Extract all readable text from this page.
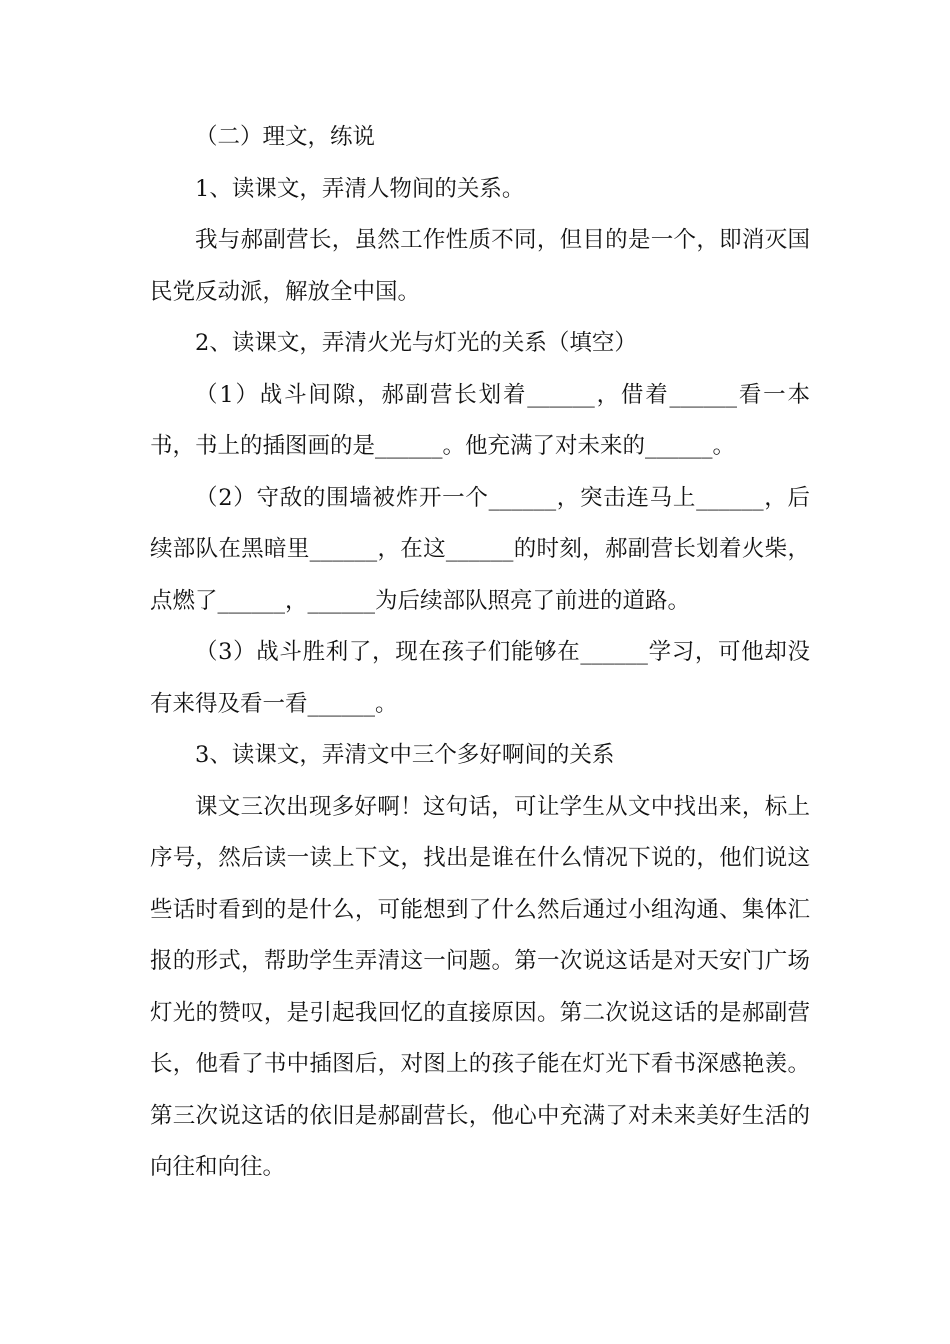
（二）理文，练说

1、读课文，弄清人物间的关系。

我与郝副营长，虽然工作性质不同，但目的是一个，即消灭国民党反动派，解放全中国。

2、读课文，弄清火光与灯光的关系（填空）

（1）战斗间隙，郝副营长划着______，借着______看一本书，书上的插图画的是______。他充满了对未来的______。

（2）守敌的围墙被炸开一个______，突击连马上______，后续部队在黑暗里______，在这______的时刻，郝副营长划着火柴，点燃了______，______为后续部队照亮了前进的道路。

（3）战斗胜利了，现在孩子们能够在______学习，可他却没有来得及看一看______。

3、读课文，弄清文中三个多好啊间的关系

课文三次出现多好啊！这句话，可让学生从文中找出来，标上序号，然后读一读上下文，找出是谁在什么情况下说的，他们说这些话时看到的是什么，可能想到了什么然后通过小组沟通、集体汇报的形式，帮助学生弄清这一问题。第一次说这话是对天安门广场灯光的赞叹，是引起我回忆的直接原因。第二次说这话的是郝副营长，他看了书中插图后，对图上的孩子能在灯光下看书深感艳羡。第三次说这话的依旧是郝副营长，他心中充满了对未来美好生活的向往和向往。
